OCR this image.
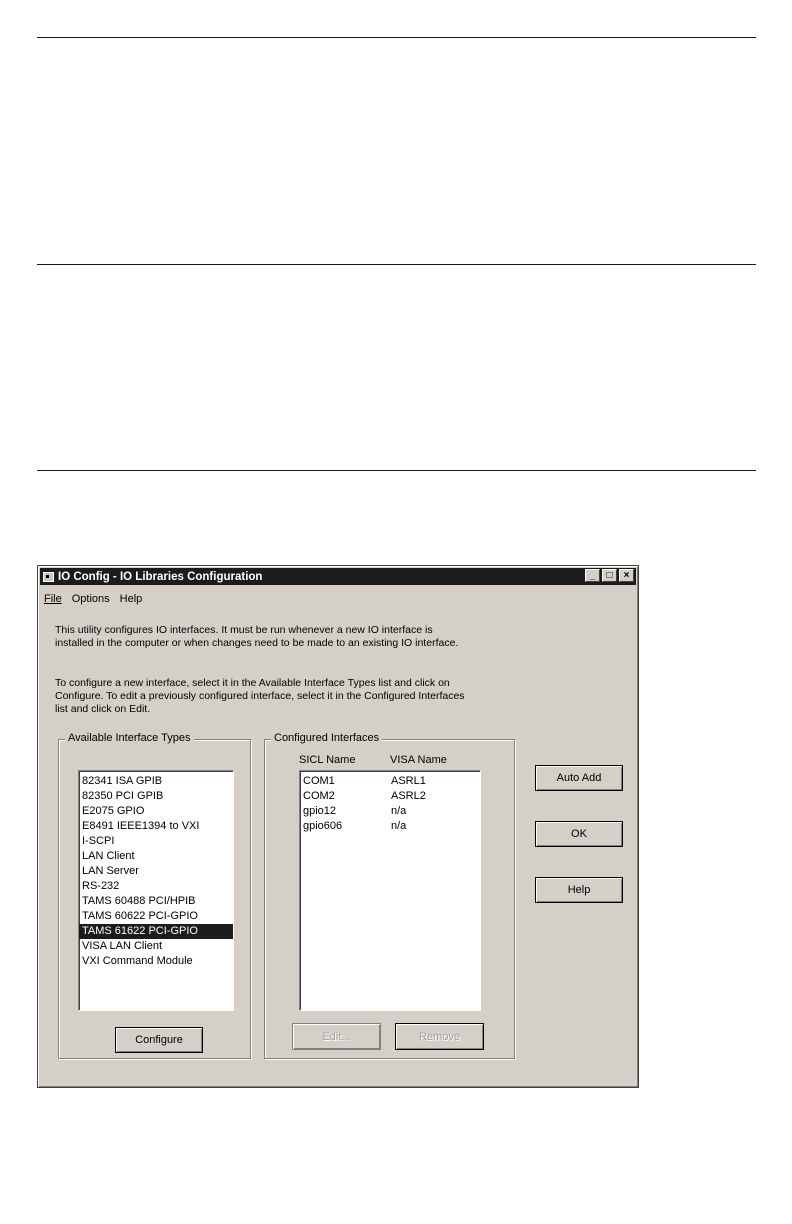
IO Config - IO Libraries Configuration	_	□	×
File Options Help
This utility configures IO interfaces. It must be run whenever a new IO interface is
installed in the computer or when changes need to be made to an existing IO interface.
To configure a new interface, select it in the Available Interface Types list and click on
Configure. To edit a previously configured interface, select it in the Configured Interfaces
list and click on Edit.
Available Interface Types
82341 ISA GPIB
82350 PCI GPIB
E2075 GPIO
E8491 IEEE1394 to VXI
I-SCPI
LAN Client
LAN Server
RS-232
TAMS 60488 PCI/HPIB
TAMS 60622 PCI-GPIO
TAMS 61622 PCI-GPIO
VISA LAN Client
VXI Command Module
Configure
Configured Interfaces
SICL Name	VISA Name
COM1	ASRL1
COM2	ASRL2
gpio12	n/a
gpio606	n/a
Edit...	Remove
Auto Add
OK
Help
